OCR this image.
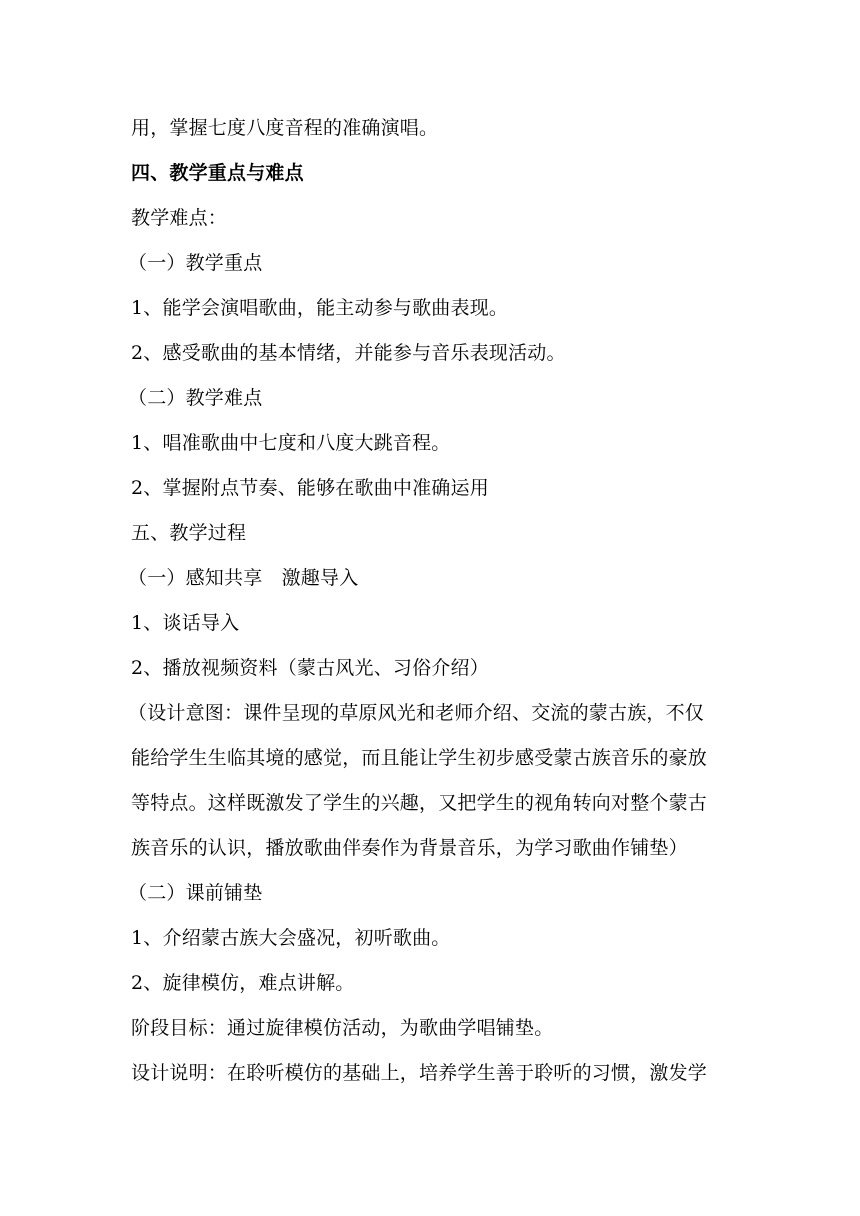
用，掌握七度八度音程的准确演唱。
四、教学重点与难点
教学难点：
（一）教学重点
1、能学会演唱歌曲，能主动参与歌曲表现。
2、感受歌曲的基本情绪，并能参与音乐表现活动。
（二）教学难点
1、唱准歌曲中七度和八度大跳音程。
2、掌握附点节奏、能够在歌曲中准确运用
五、教学过程
（一）感知共享　激趣导入
1、谈话导入
2、播放视频资料（蒙古风光、习俗介绍）
（设计意图：课件呈现的草原风光和老师介绍、交流的蒙古族，不仅
能给学生生临其境的感觉，而且能让学生初步感受蒙古族音乐的豪放
等特点。这样既激发了学生的兴趣，又把学生的视角转向对整个蒙古
族音乐的认识，播放歌曲伴奏作为背景音乐，为学习歌曲作铺垫）
（二）课前铺垫
1、介绍蒙古族大会盛况，初听歌曲。
2、旋律模仿，难点讲解。
阶段目标：通过旋律模仿活动，为歌曲学唱铺垫。
设计说明：在聆听模仿的基础上，培养学生善于聆听的习惯，激发学
